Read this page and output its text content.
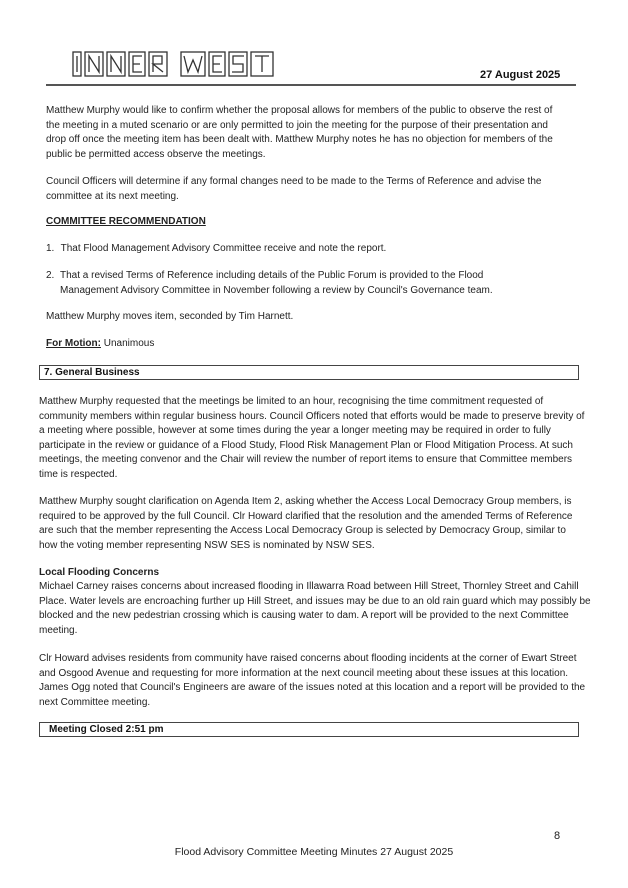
INNER WEST
27 August 2025

Matthew Murphy would like to confirm whether the proposal allows for members of the public to observe the rest of the meeting in a muted scenario or are only permitted to join the meeting for the purpose of their presentation and drop off once the meeting item has been dealt with. Matthew Murphy notes he has no objection for members of the public be permitted access observe the meetings.

Council Officers will determine if any formal changes need to be made to the Terms of Reference and advise the committee at its next meeting.

COMMITTEE RECOMMENDATION

1. That Flood Management Advisory Committee receive and note the report.
2. That a revised Terms of Reference including details of the Public Forum is provided to the Flood Management Advisory Committee in November following a review by Council's Governance team.

Matthew Murphy moves item, seconded by Tim Harnett.

For Motion: Unanimous
7. General Business

Matthew Murphy requested that the meetings be limited to an hour, recognising the time commitment requested of community members within regular business hours. Council Officers noted that efforts would be made to preserve brevity of a meeting where possible, however at some times during the year a longer meeting may be required in order to fully participate in the review or guidance of a Flood Study, Flood Risk Management Plan or Flood Mitigation Process. At such meetings, the meeting convenor and the Chair will review the number of report items to ensure that Committee members time is respected.

Matthew Murphy sought clarification on Agenda Item 2, asking whether the Access Local Democracy Group members, is required to be approved by the full Council. Clr Howard clarified that the resolution and the amended Terms of Reference are such that the member representing the Access Local Democracy Group is selected by Democracy Group, similar to how the voting member representing NSW SES is nominated by NSW SES.

Local Flooding Concerns

Michael Carney raises concerns about increased flooding in Illawarra Road between Hill Street, Thornley Street and Cahill Place. Water levels are encroaching further up Hill Street, and issues may be due to an old rain guard which may possibly be blocked and the new pedestrian crossing which is causing water to dam. A report will be provided to the next Committee meeting.

Clr Howard advises residents from community have raised concerns about flooding incidents at the corner of Ewart Street and Osgood Avenue and requesting for more information at the next council meeting about these issues at this location. James Ogg noted that Council's Engineers are aware of the issues noted at this location and a report will be provided to the next Committee meeting.

Meeting Closed 2:51 pm
8
Flood Advisory Committee Meeting Minutes 27 August 2025
